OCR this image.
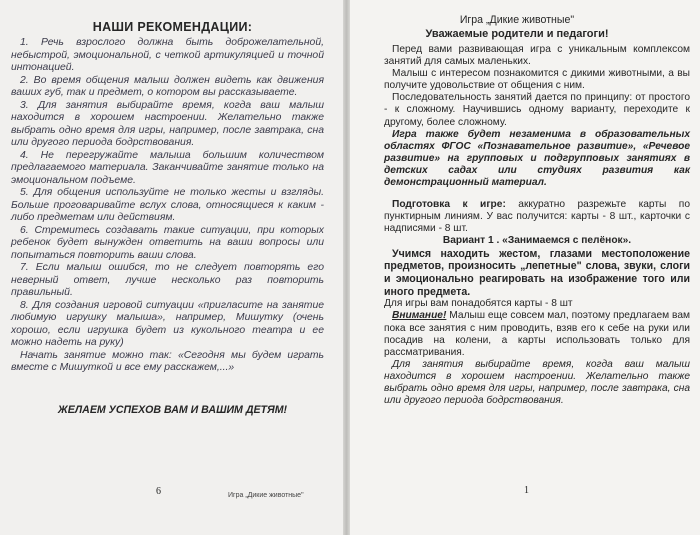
НАШИ РЕКОМЕНДАЦИИ:

1. Речь взрослого должна быть доброжелательной, небыстрой, эмоциональной, с четкой артикуляцией и точной интонацией.

2. Во время общения малыш должен видеть как движения ваших губ, так и предмет, о котором вы рассказываете.

3. Для занятия выбирайте время, когда ваш малыш находится в хорошем настроении. Желательно также выбрать одно время для игры, например, после завтрака, сна или другого периода бодрствования.

4. Не перегружайте малыша большим количеством предлагаемого материала. Заканчивайте занятие только на эмоциональном подъеме.

5. Для общения используйте не только жесты и взгляды. Больше проговаривайте вслух слова, относящиеся к каким - либо предметам или действиям.

6. Стремитесь создавать такие ситуации, при которых ребенок будет вынужден ответить на ваши вопросы или попытаться повторить ваши слова.

7. Если малыш ошибся, то не следует повторять его неверный ответ, лучше несколько раз повторить правильный.

8. Для создания игровой ситуации «пригласите на занятие любимую игрушку малыша», например, Мишутку (очень хорошо, если игрушка будет из кукольного театра и ее можно надеть на руку)

Начать занятие можно так: «Сегодня мы будем играть вместе с Мишуткой и все ему расскажем,...»

ЖЕЛАЕМ УСПЕХОВ ВАМ И ВАШИМ ДЕТЯМ!
6	Игра „Дикие животные"
Игра „Дикие животные"
Уважаемые родители и педагоги!

Перед вами развивающая игра с уникальным комплексом занятий для самых маленьких.

Малыш с интересом познакомится с дикими животными, а вы получите удовольствие от общения с ним.

Последовательность занятий дается по принципу: от простого - к сложному. Научившись одному варианту, переходите к другому, более сложному.

Игра также будет незаменима в образовательных областях ФГОС «Познавательное развитие», «Речевое развитие» на групповых и подгрупповых занятиях в детских садах или студиях развития как демонстрационный материал.

Подготовка к игре: аккуратно разрежьте карты по пунктирным линиям. У вас получится: карты - 8 шт., карточки с надписями - 8 шт.

Вариант 1 . «Занимаемся с пелёнок».

Учимся находить жестом, глазами местоположение предметов, произносить „лепетные" слова, звуки, слоги и эмоционально реагировать на изображение того или иного предмета.

Для игры вам понадобятся карты - 8 шт

Внимание! Малыш еще совсем мал, поэтому предлагаем вам пока все занятия с ним проводить, взяв его к себе на руки или посадив на колени, а карты использовать только для рассматривания.

Для занятия выбирайте время, когда ваш малыш находится в хорошем настроении. Желательно также выбрать одно время для игры, например, после завтрака, сна или другого периода бодрствования.

1
